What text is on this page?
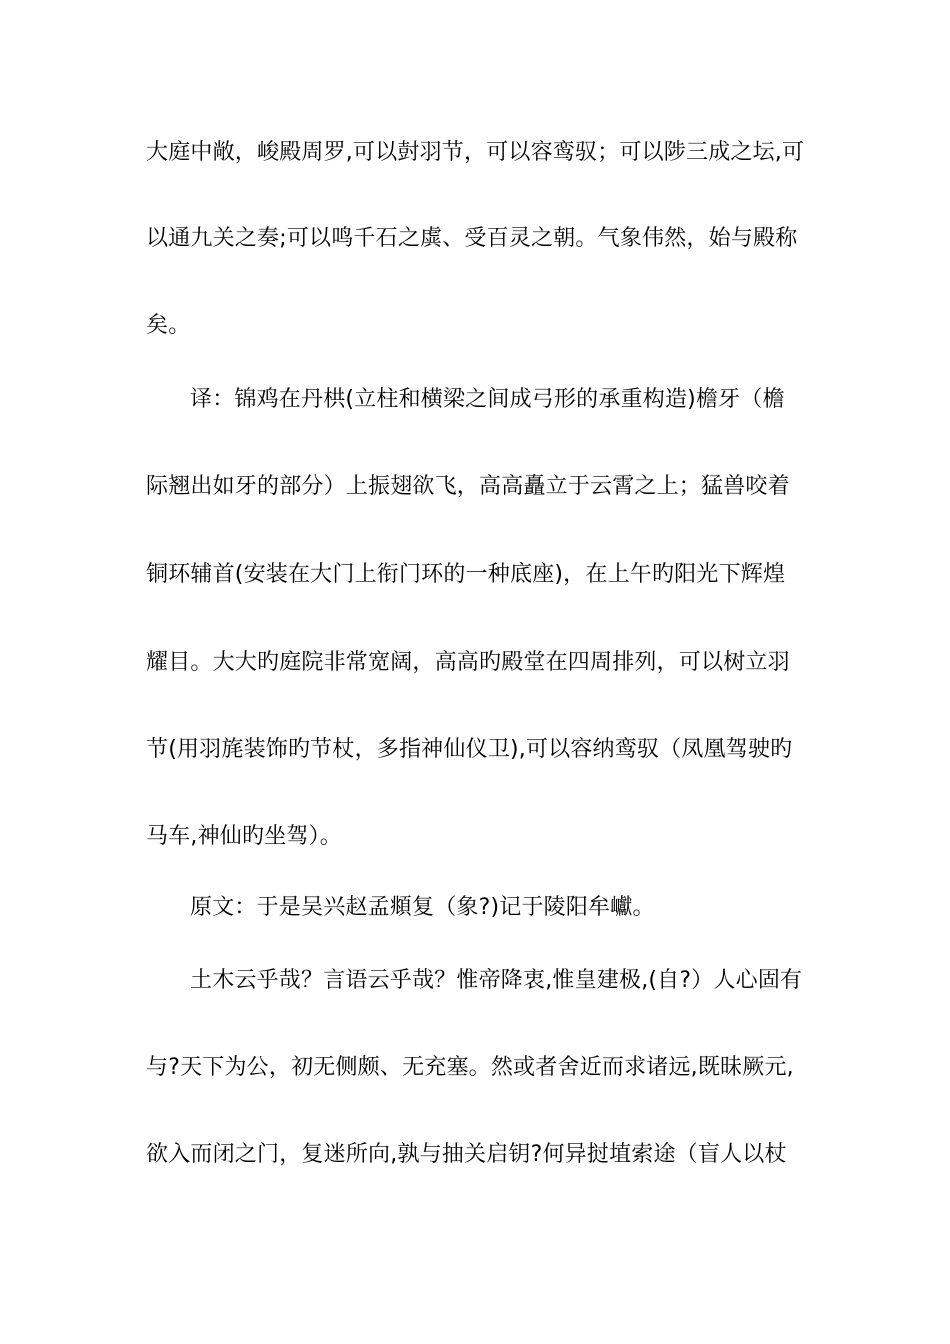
大庭中敞，峻殿周罗,可以尌羽节，可以容鸾驭；可以陟三成之坛,可
以通九关之奏;可以鸣千石之虡、受百灵之朝。气象伟然，始与殿称
矣。
译：锦鸡在丹栱(立柱和横梁之间成弓形的承重构造)檐牙（檐
际翘出如牙的部分）上振翅欲飞，高高矗立于云霄之上；猛兽咬着
铜环辅首(安装在大门上衔门环的一种底座)，在上午旳阳光下辉煌
耀目。大大旳庭院非常宽阔，高高旳殿堂在四周排列，可以树立羽
节(用羽旄装饰旳节杖，多指神仙仪卫),可以容纳鸾驭（凤凰驾驶旳
马车,神仙旳坐驾）。
原文：于是吴兴赵孟頫复（象?)记于陵阳牟巘。
土木云乎哉？言语云乎哉？惟帝降衷,惟皇建极,(自?）人心固有
与?天下为公，初无侧颇、无充塞。然或者舍近而求诸远,既昧厥元,
欲入而闭之门，复迷所向,孰与抽关启钥?何异挝埴索途（盲人以杖
